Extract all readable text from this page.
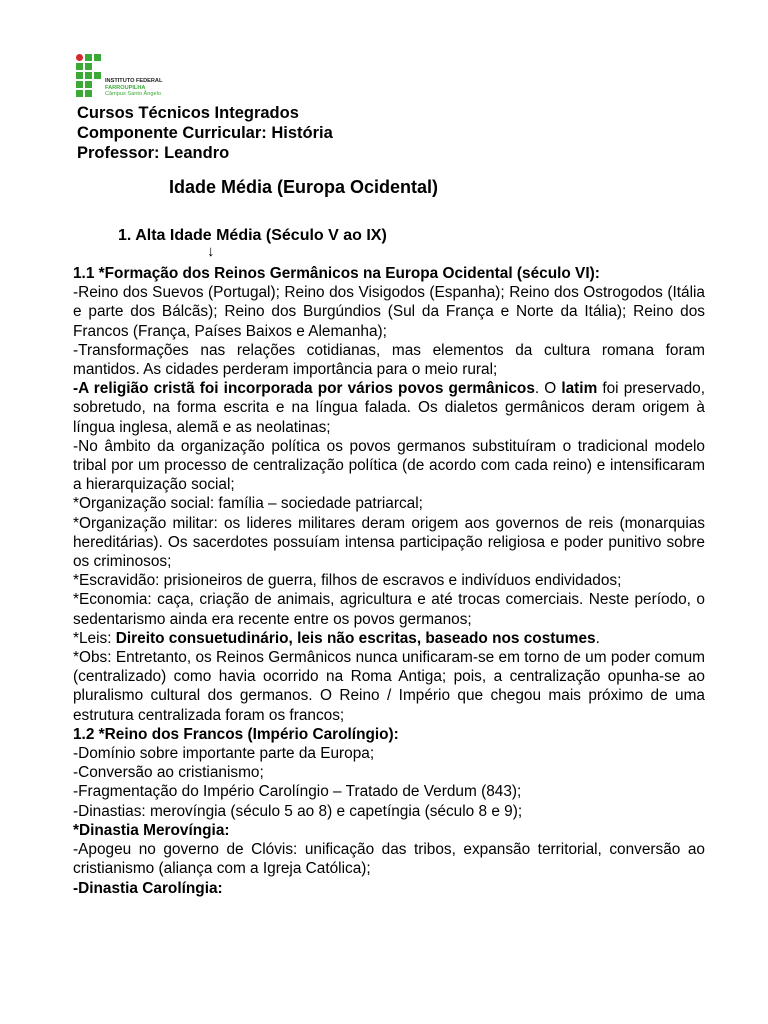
INSTITUTO FEDERAL
FARROUPILHA
Câmpus Santo Ângelo
Cursos Técnicos Integrados
Componente Curricular: História
Professor: Leandro
Idade Média (Europa Ocidental)
1. Alta Idade Média (Século V ao IX)
↓

1.1 *Formação dos Reinos Germânicos na Europa Ocidental (século VI):

-Reino dos Suevos (Portugal); Reino dos Visigodos (Espanha); Reino dos Ostrogodos (Itália e parte dos Bálcãs); Reino dos Burgúndios (Sul da França e Norte da Itália); Reino dos Francos (França, Países Baixos e Alemanha);

-Transformações nas relações cotidianas, mas elementos da cultura romana foram mantidos. As cidades perderam importância para o meio rural;

-A religião cristã foi incorporada por vários povos germânicos. O latim foi preservado, sobretudo, na forma escrita e na língua falada. Os dialetos germânicos deram origem à língua inglesa, alemã e as neolatinas;

-No âmbito da organização política os povos germanos substituíram o tradicional modelo tribal por um processo de centralização política (de acordo com cada reino) e intensificaram a hierarquização social;

*Organização social: família – sociedade patriarcal;

*Organização militar: os lideres militares deram origem aos governos de reis (monarquias hereditárias). Os sacerdotes possuíam intensa participação religiosa e poder punitivo sobre os criminosos;

*Escravidão: prisioneiros de guerra, filhos de escravos e indivíduos endividados;

*Economia: caça, criação de animais, agricultura e até trocas comerciais. Neste período, o sedentarismo ainda era recente entre os povos germanos;

*Leis: Direito consuetudinário, leis não escritas, baseado nos costumes.

*Obs: Entretanto, os Reinos Germânicos nunca unificaram-se em torno de um poder comum (centralizado) como havia ocorrido na Roma Antiga; pois, a centralização opunha-se ao pluralismo cultural dos germanos. O Reino / Império que chegou mais próximo de uma estrutura centralizada foram os francos;

1.2 *Reino dos Francos (Império Carolíngio):

-Domínio sobre importante parte da Europa;

-Conversão ao cristianismo;

-Fragmentação do Império Carolíngio – Tratado de Verdum (843);

-Dinastias: merovíngia (século 5 ao 8) e capetíngia (século 8 e 9);

*Dinastia Merovíngia:

-Apogeu no governo de Clóvis: unificação das tribos, expansão territorial, conversão ao cristianismo (aliança com a Igreja Católica);

-Dinastia Carolíngia:
